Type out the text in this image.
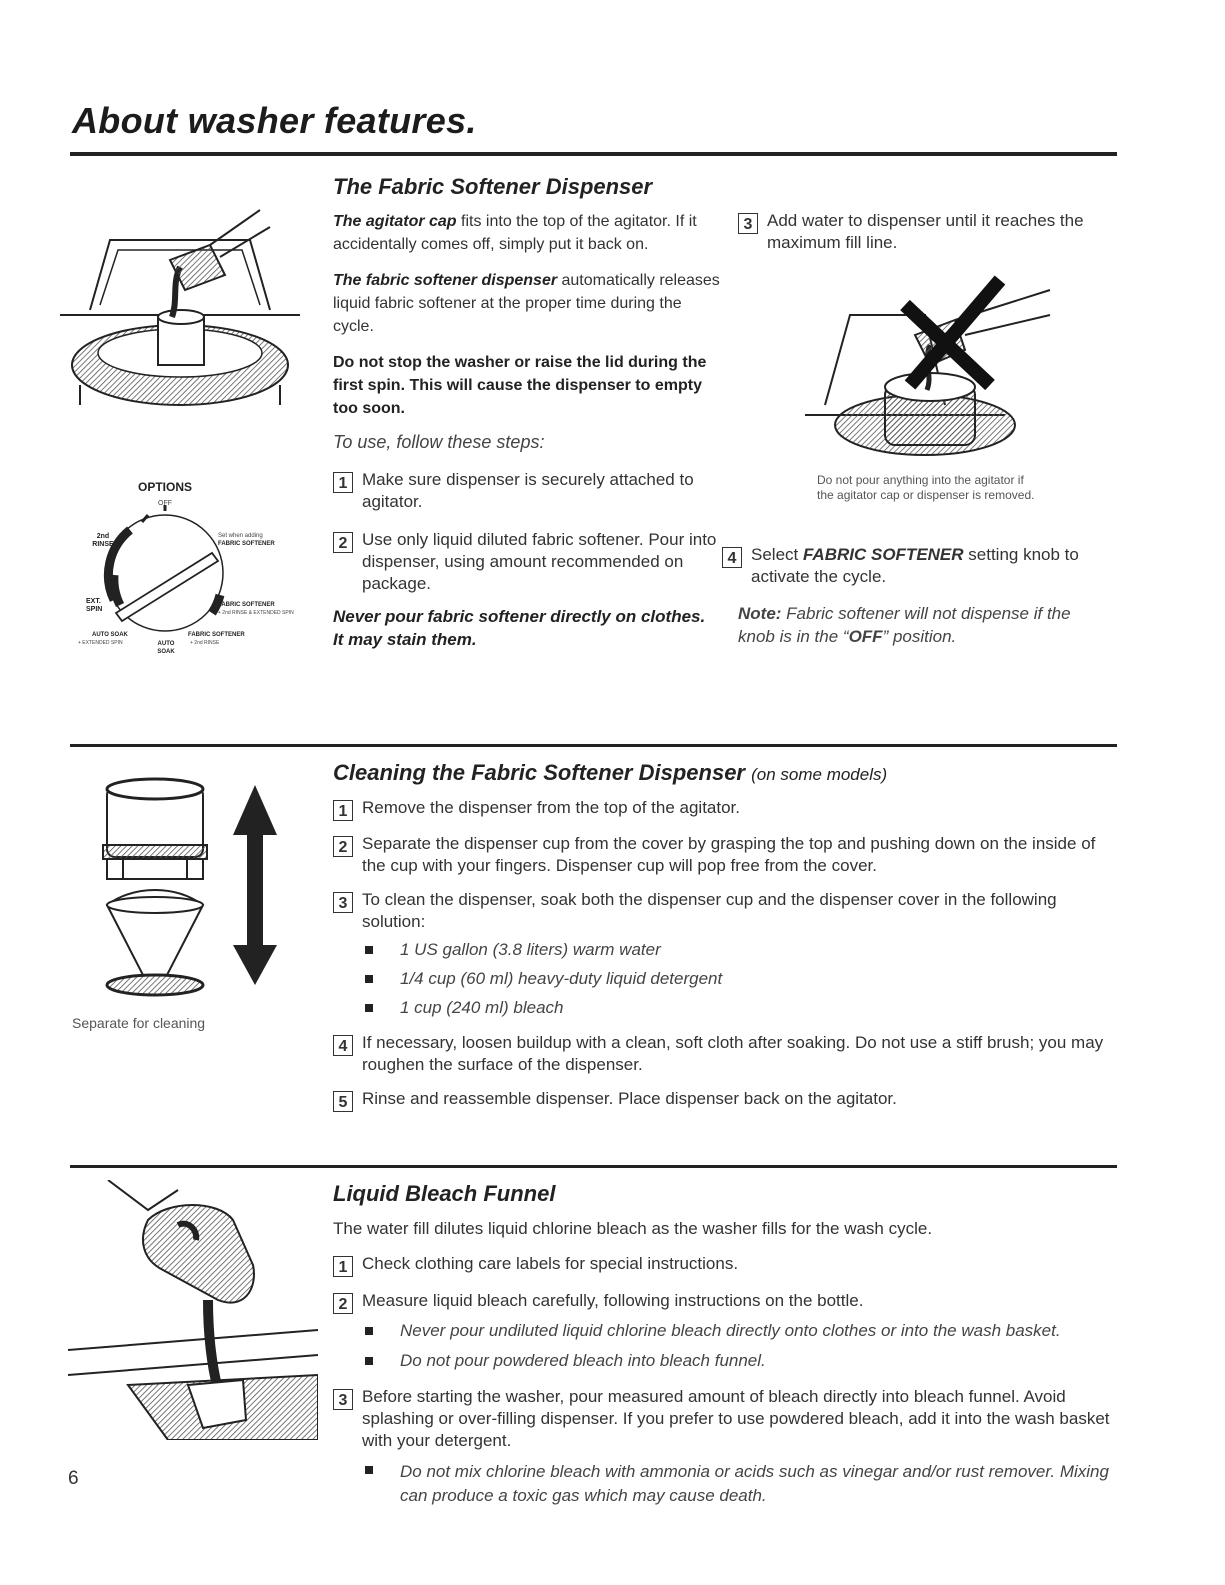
About washer features.
OPTIONS
OFF
2nd RINSE
Set when adding
FABRIC SOFTENER
EXT. SPIN
FABRIC SOFTENER
+ 2nd RINSE & EXTENDED SPIN
AUTO SOAK
+ EXTENDED SPIN	AUTO SOAK
FABRIC SOFTENER
+ 2nd RINSE
The Fabric Softener Dispenser

The agitator cap fits into the top of the agitator. If it accidentally comes off, simply put it back on.

The fabric softener dispenser automatically releases liquid fabric softener at the proper time during the cycle.

Do not stop the washer or raise the lid during the first spin. This will cause the dispenser to empty too soon.

To use, follow these steps:

1 Make sure dispenser is securely attached to agitator.
2 Use only liquid diluted fabric softener. Pour into dispenser, using amount recommended on package.

Never pour fabric softener directly on clothes. It may stain them.

3 Add water to dispenser until it reaches the maximum fill line.
Do not pour anything into the agitator if the agitator cap or dispenser is removed.
4 Select FABRIC SOFTENER setting knob to activate the cycle.

Note: Fabric softener will not dispense if the knob is in the “OFF” position.

Separate for cleaning
Cleaning the Fabric Softener Dispenser (on some models)
1 Remove the dispenser from the top of the agitator.
2 Separate the dispenser cup from the cover by grasping the top and pushing down on the inside of the cup with your fingers. Dispenser cup will pop free from the cover.
3 To clean the dispenser, soak both the dispenser cup and the dispenser cover in the following solution:
1 US gallon (3.8 liters) warm water
1/4 cup (60 ml) heavy-duty liquid detergent
1 cup (240 ml) bleach
4 If necessary, loosen buildup with a clean, soft cloth after soaking. Do not use a stiff brush; you may roughen the surface of the dispenser.
5 Rinse and reassemble dispenser. Place dispenser back on the agitator.
Liquid Bleach Funnel

The water fill dilutes liquid chlorine bleach as the washer fills for the wash cycle.

1 Check clothing care labels for special instructions.
2 Measure liquid bleach carefully, following instructions on the bottle.
Never pour undiluted liquid chlorine bleach directly onto clothes or into the wash basket.
Do not pour powdered bleach into bleach funnel.
3 Before starting the washer, pour measured amount of bleach directly into bleach funnel. Avoid splashing or over-filling dispenser. If you prefer to use powdered bleach, add it into the wash basket with your detergent.
Do not mix chlorine bleach with ammonia or acids such as vinegar and/or rust remover. Mixing can produce a toxic gas which may cause death.
6
